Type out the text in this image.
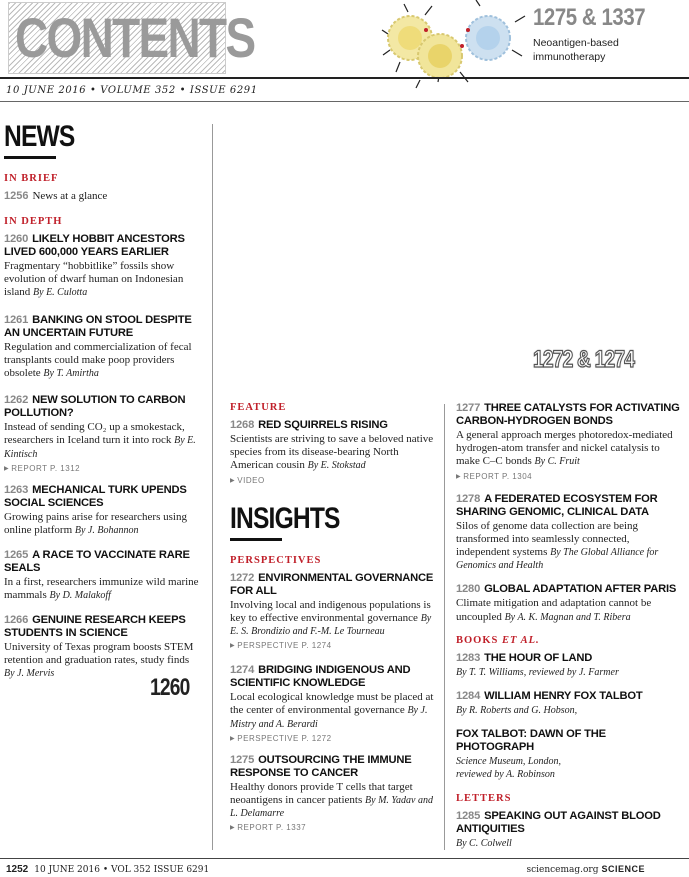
CONTENTS	1275 & 1337
Neoantigen-based
immunotherapy
10 JUNE 2016 • VOLUME 352 • ISSUE 6291
NEWS
IN BRIEF
1256 News at a glance
IN DEPTH
1260 LIKELY HOBBIT ANCESTORS LIVED 600,000 YEARS EARLIER
Fragmentary “hobbitlike” fossils show evolution of dwarf human on Indonesian island By E. Culotta
1261 BANKING ON STOOL DESPITE AN UNCERTAIN FUTURE
Regulation and commercialization of fecal transplants could make poop providers obsolete By T. Amirtha
1262 NEW SOLUTION TO CARBON POLLUTION?
Instead of sending CO₂ up a smokestack, researchers in Iceland turn it into rock By E. Kintisch
▶ REPORT P. 1312
1263 MECHANICAL TURK UPENDS SOCIAL SCIENCES
Growing pains arise for researchers using online platform By J. Bohannon
1265 A RACE TO VACCINATE RARE SEALS
In a first, researchers immunize wild marine mammals By D. Malakoff
1266 GENUINE RESEARCH KEEPS STUDENTS IN SCIENCE
University of Texas program boosts STEM retention and graduation rates, study finds By J. Mervis
1260
1272 & 1274
FEATURE
1268 RED SQUIRRELS RISING
Scientists are striving to save a beloved native species from its disease-bearing North American cousin By E. Stokstad
▶ VIDEO
INSIGHTS
PERSPECTIVES
1272 ENVIRONMENTAL GOVERNANCE FOR ALL
Involving local and indigenous populations is key to effective environmental governance By E. S. Brondizio and F.-M. Le Tourneau
▶ PERSPECTIVE P. 1274
1274 BRIDGING INDIGENOUS AND SCIENTIFIC KNOWLEDGE
Local ecological knowledge must be placed at the center of environmental governance By J. Mistry and A. Berardi
▶ PERSPECTIVE P. 1272
1275 OUTSOURCING THE IMMUNE RESPONSE TO CANCER
Healthy donors provide T cells that target neoantigens in cancer patients By M. Yadav and L. Delamarre
▶ REPORT P. 1337
1277 THREE CATALYSTS FOR ACTIVATING CARBON-HYDROGEN BONDS
A general approach merges photoredox-mediated hydrogen-atom transfer and nickel catalysis to make C–C bonds By C. Fruit
▶ REPORT P. 1304
1278 A FEDERATED ECOSYSTEM FOR SHARING GENOMIC, CLINICAL DATA
Silos of genome data collection are being transformed into seamlessly connected, independent systems By The Global Alliance for Genomics and Health
1280 GLOBAL ADAPTATION AFTER PARIS
Climate mitigation and adaptation cannot be uncoupled By A. K. Magnan and T. Ribera
BOOKS ET AL.
1283 THE HOUR OF LAND
By T. T. Williams, reviewed by J. Farmer
1284 WILLIAM HENRY FOX TALBOT
By R. Roberts and G. Hobson,
FOX TALBOT: DAWN OF THE PHOTOGRAPH
Science Museum, London, reviewed by A. Robinson
LETTERS
1285 SPEAKING OUT AGAINST BLOOD ANTIQUITIES
By C. Colwell
1252 10 JUNE 2016 • VOL 352 ISSUE 6291	sciencemag.org SCIENCE
